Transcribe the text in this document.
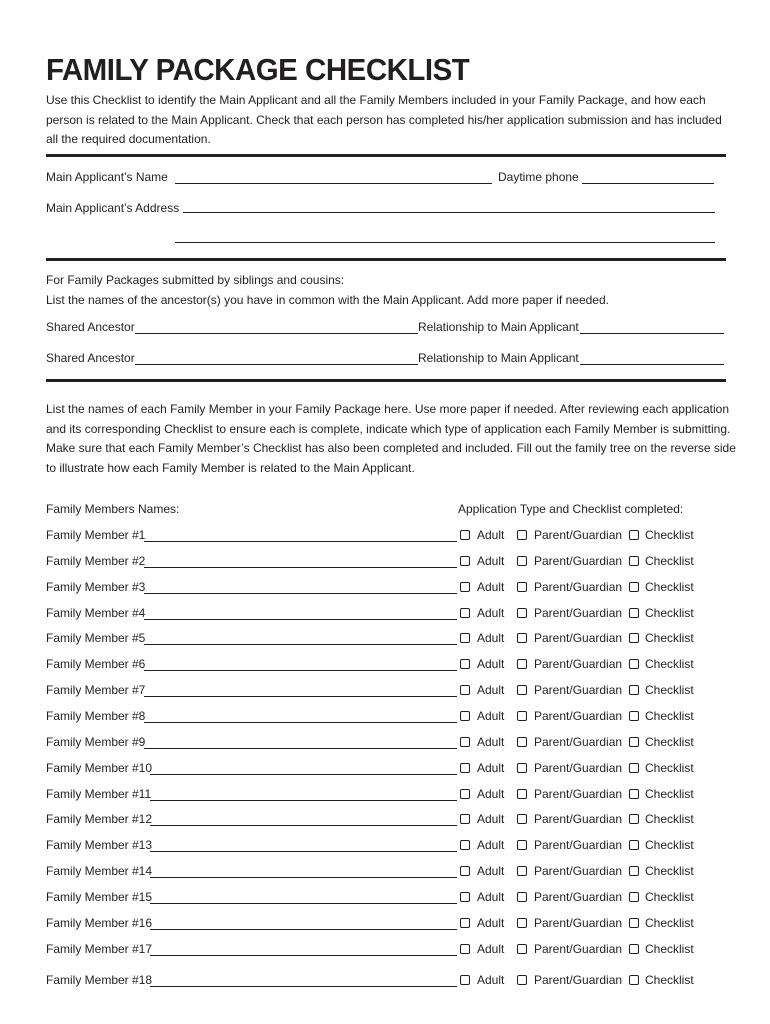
FAMILY PACKAGE CHECKLIST
Use this Checklist to identify the Main Applicant and all the Family Members included in your Family Package, and how each
person is related to the Main Applicant. Check that each person has completed his/her application submission and has included
all the required documentation.
Main Applicant’s Name	Daytime phone
Main Applicant’s Address
For Family Packages submitted by siblings and cousins:
List the names of the ancestor(s) you have in common with the Main Applicant. Add more paper if needed.
Shared Ancestor	Relationship to Main Applicant
Shared Ancestor	Relationship to Main Applicant
List the names of each Family Member in your Family Package here. Use more paper if needed. After reviewing each application
and its corresponding Checklist to ensure each is complete, indicate which type of application each Family Member is submitting.
Make sure that each Family Member’s Checklist has also been completed and included. Fill out the family tree on the reverse side
to illustrate how each Family Member is related to the Main Applicant.
Family Members Names:	Application Type and Checklist completed:
Family Member #1	Adult Parent/Guardian Checklist
Family Member #2	Adult Parent/Guardian Checklist
Family Member #3	Adult Parent/Guardian Checklist
Family Member #4	Adult Parent/Guardian Checklist
Family Member #5	Adult Parent/Guardian Checklist
Family Member #6	Adult Parent/Guardian Checklist
Family Member #7	Adult Parent/Guardian Checklist
Family Member #8	Adult Parent/Guardian Checklist
Family Member #9	Adult Parent/Guardian Checklist
Family Member #10	Adult Parent/Guardian Checklist
Family Member #11	Adult Parent/Guardian Checklist
Family Member #12	Adult Parent/Guardian Checklist
Family Member #13	Adult Parent/Guardian Checklist
Family Member #14	Adult Parent/Guardian Checklist
Family Member #15	Adult Parent/Guardian Checklist
Family Member #16	Adult Parent/Guardian Checklist
Family Member #17	Adult Parent/Guardian Checklist
Family Member #18	Adult Parent/Guardian Checklist
